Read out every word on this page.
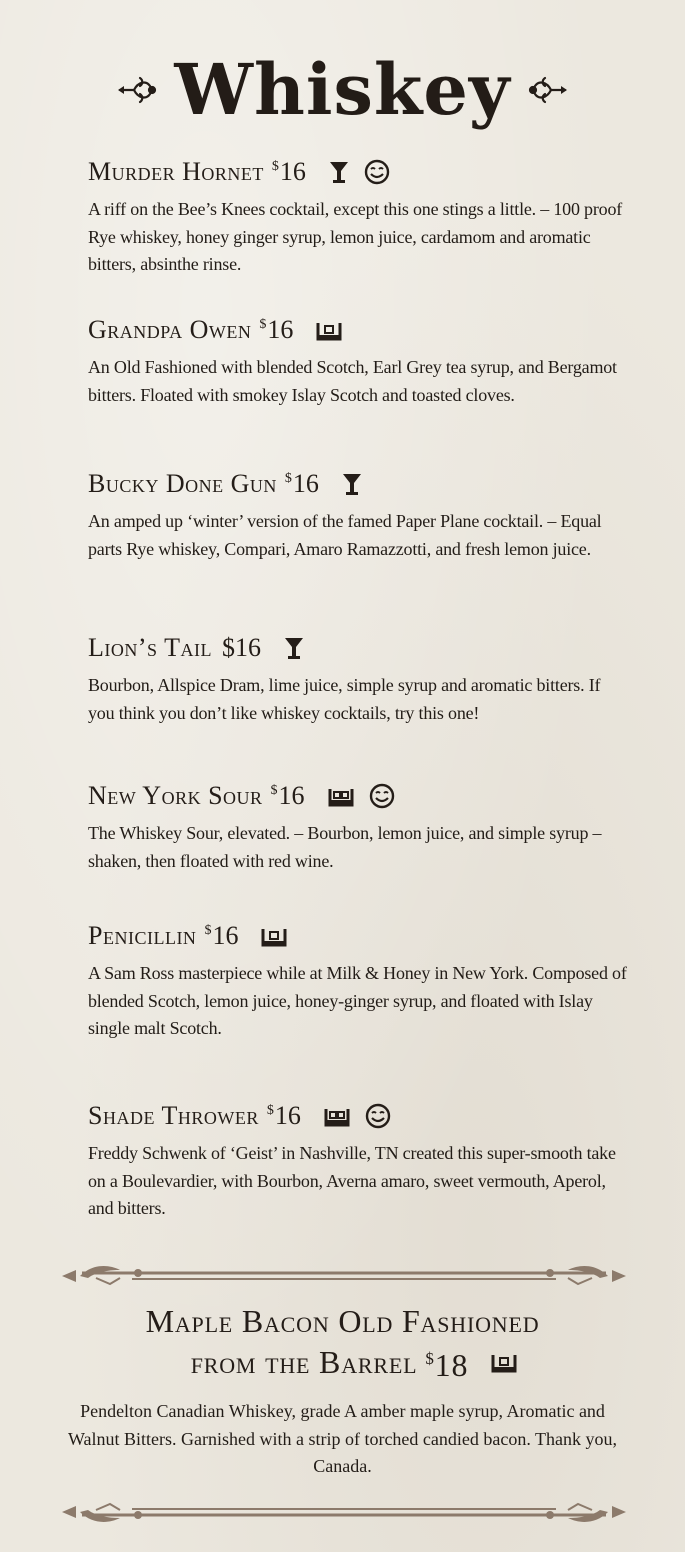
Whiskey
Murder Hornet $16
A riff on the Bee’s Knees cocktail, except this one stings a little. – 100 proof Rye whiskey, honey ginger syrup, lemon juice, cardamom and aromatic bitters, absinthe rinse.
Grandpa Owen $16
An Old Fashioned with blended Scotch, Earl Grey tea syrup, and Bergamot bitters. Floated with smokey Islay Scotch and toasted cloves.
Bucky Done Gun $16
An amped up ‘winter’ version of the famed Paper Plane cocktail. – Equal parts Rye whiskey, Compari, Amaro Ramazzotti, and fresh lemon juice.
Lion’s Tail $16
Bourbon, Allspice Dram, lime juice, simple syrup and aromatic bitters. If you think you don’t like whiskey cocktails, try this one!
New York Sour $16
The Whiskey Sour, elevated. – Bourbon, lemon juice, and simple syrup – shaken, then floated with red wine.
Penicillin $16
A Sam Ross masterpiece while at Milk & Honey in New York. Composed of blended Scotch, lemon juice, honey-ginger syrup, and floated with Islay single malt Scotch.
Shade Thrower $16
Freddy Schwenk of ‘Geist’ in Nashville, TN created this super-smooth take on a Boulevardier, with Bourbon, Averna amaro, sweet vermouth, Aperol, and bitters.
Maple Bacon Old Fashioned
from the Barrel $18
Pendelton Canadian Whiskey, grade A amber maple syrup, Aromatic and Walnut Bitters. Garnished with a strip of torched candied bacon. Thank you, Canada.
